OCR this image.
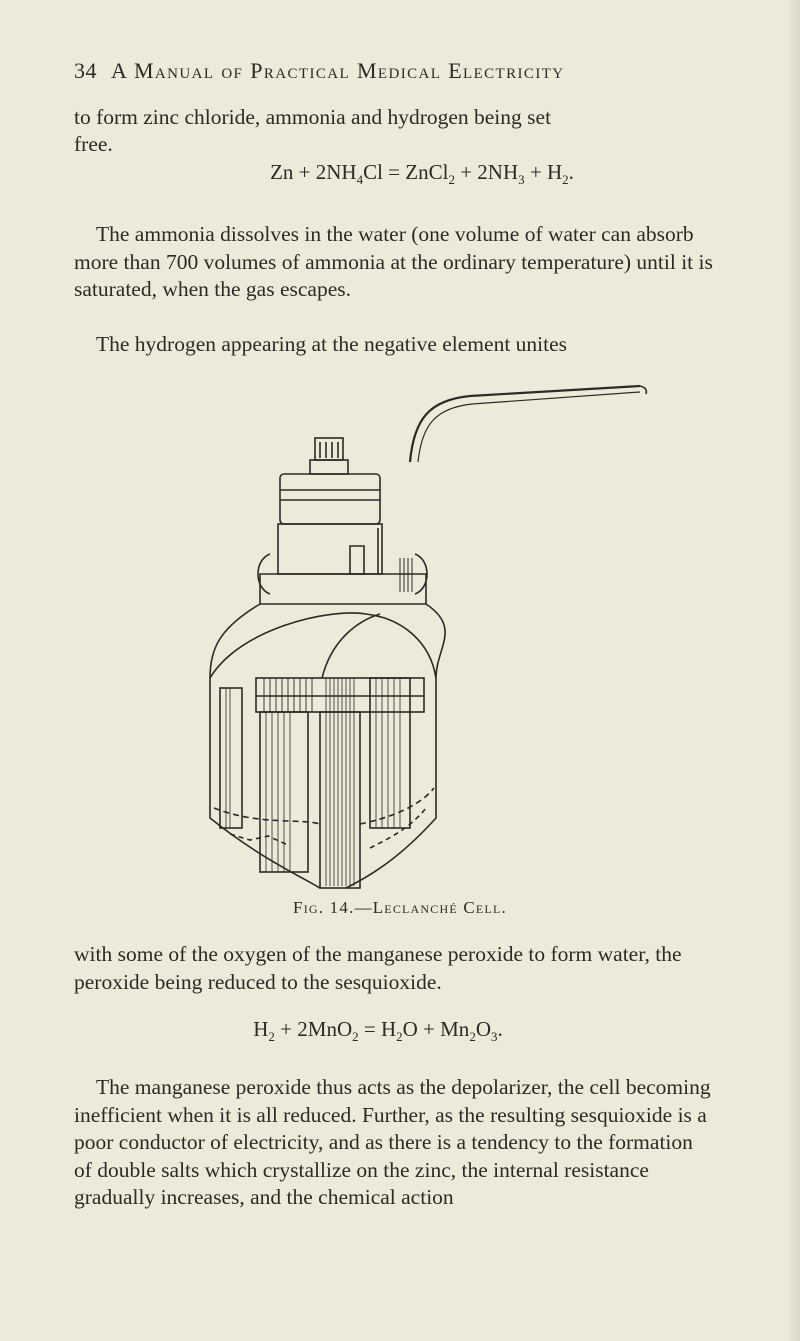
34 A Manual of Practical Medical Electricity

to form zinc chloride, ammonia and hydrogen being set

free.

$Zn + 2NH_4Cl$ = ZnCl$_2$ + $2NH_3 + H_2$.

The ammonia dissolves in the water (one volume of water can absorb more than 700 volumes of ammonia at the ordinary temperature) until it is saturated, when the gas escapes.

The hydrogen appearing at the negative element unites

Fig. 14.—Leclanché Cell.

with some of the oxygen of the manganese peroxide to form water, the peroxide being reduced to the sesquioxide.

$H_2 + 2MnO_2 = H_2O + Mn_2O_3$.

The manganese peroxide thus acts as the depolarizer, the cell becoming inefficient when it is all reduced. Further, as the resulting sesquioxide is a poor conductor of electricity, and as there is a tendency to the formation of double salts which crystallize on the zinc, the internal resistance gradually increases, and the chemical action
